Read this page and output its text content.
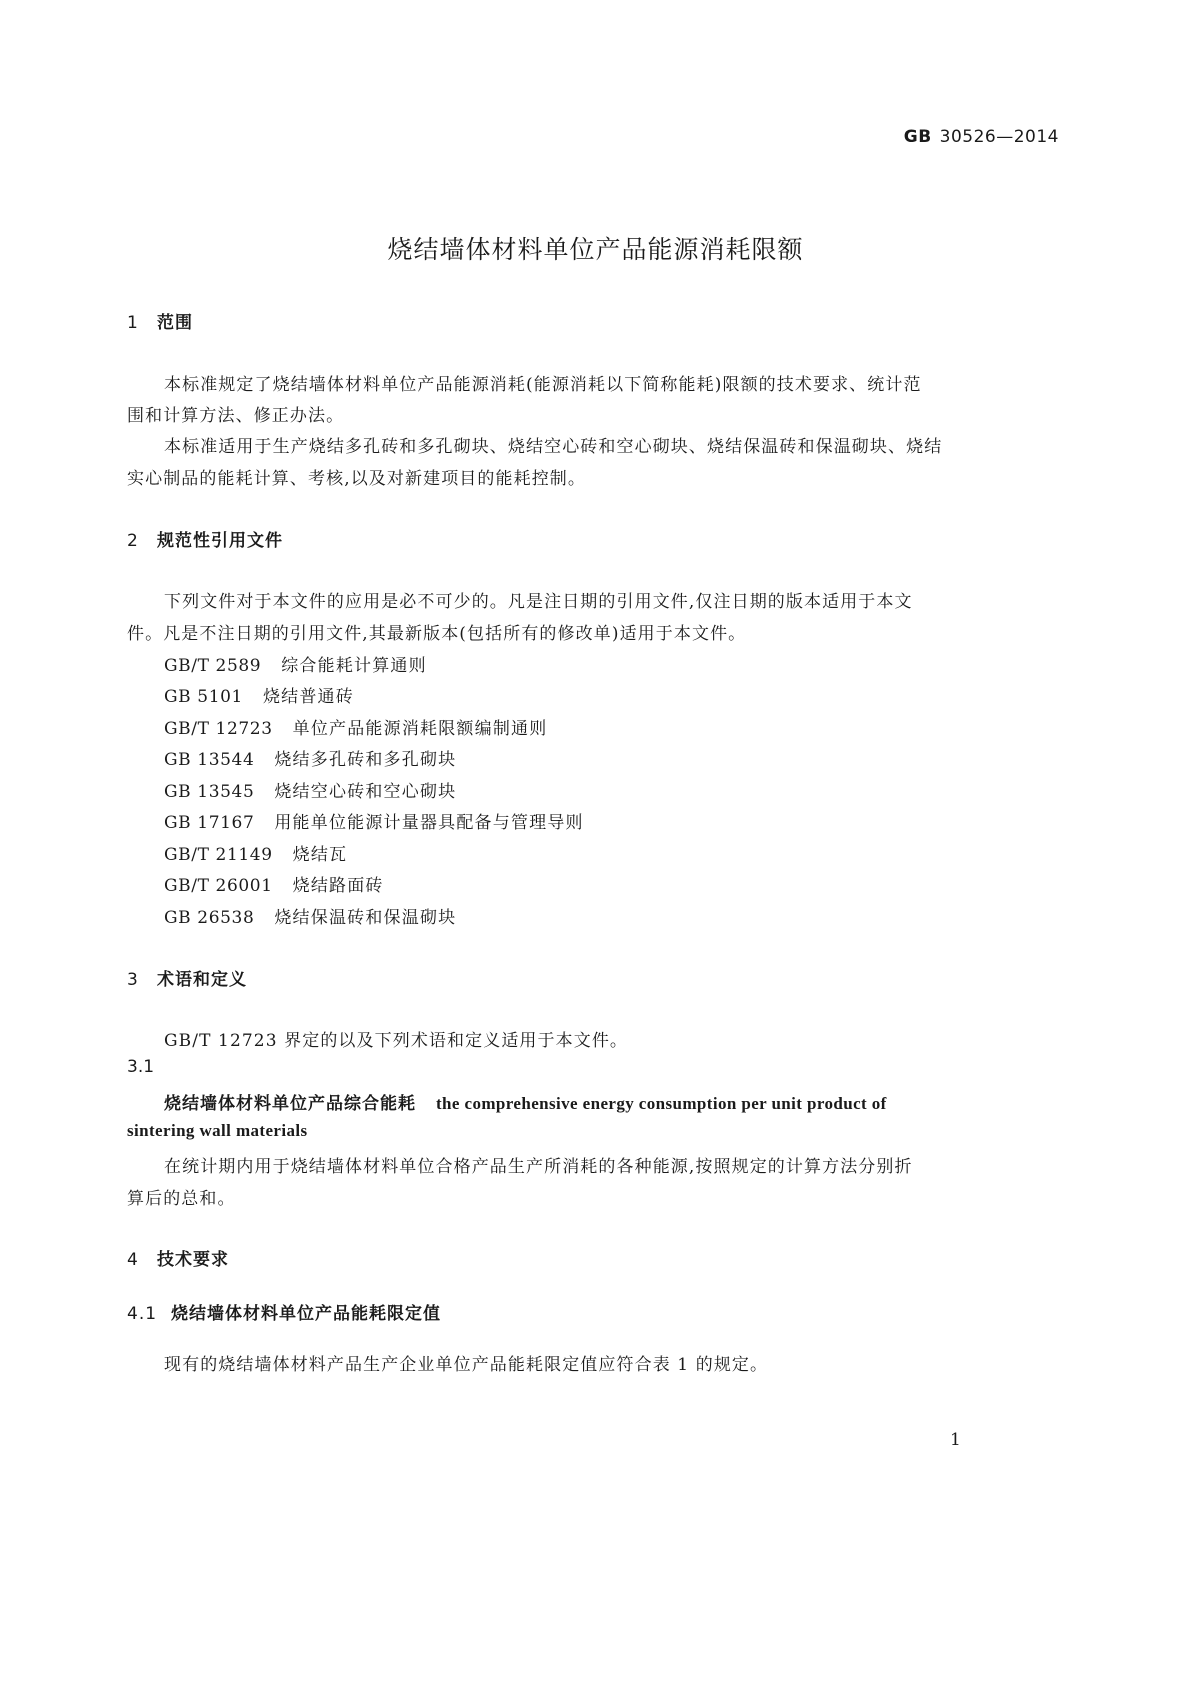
GB 30526—2014
烧结墙体材料单位产品能源消耗限额
1 范围
本标准规定了烧结墙体材料单位产品能源消耗(能源消耗以下简称能耗)限额的技术要求、统计范
围和计算方法、修正办法。
本标准适用于生产烧结多孔砖和多孔砌块、烧结空心砖和空心砌块、烧结保温砖和保温砌块、烧结
实心制品的能耗计算、考核,以及对新建项目的能耗控制。
2 规范性引用文件
下列文件对于本文件的应用是必不可少的。凡是注日期的引用文件,仅注日期的版本适用于本文
件。凡是不注日期的引用文件,其最新版本(包括所有的修改单)适用于本文件。
GB/T 2589 综合能耗计算通则
GB 5101 烧结普通砖
GB/T 12723 单位产品能源消耗限额编制通则
GB 13544 烧结多孔砖和多孔砌块
GB 13545 烧结空心砖和空心砌块
GB 17167 用能单位能源计量器具配备与管理导则
GB/T 21149 烧结瓦
GB/T 26001 烧结路面砖
GB 26538 烧结保温砖和保温砌块
3 术语和定义
GB/T 12723 界定的以及下列术语和定义适用于本文件。
3.1
烧结墙体材料单位产品综合能耗 the comprehensive energy consumption per unit product of
sintering wall materials
在统计期内用于烧结墙体材料单位合格产品生产所消耗的各种能源,按照规定的计算方法分别折
算后的总和。
4 技术要求
4.1 烧结墙体材料单位产品能耗限定值
现有的烧结墙体材料产品生产企业单位产品能耗限定值应符合表 1 的规定。
1
